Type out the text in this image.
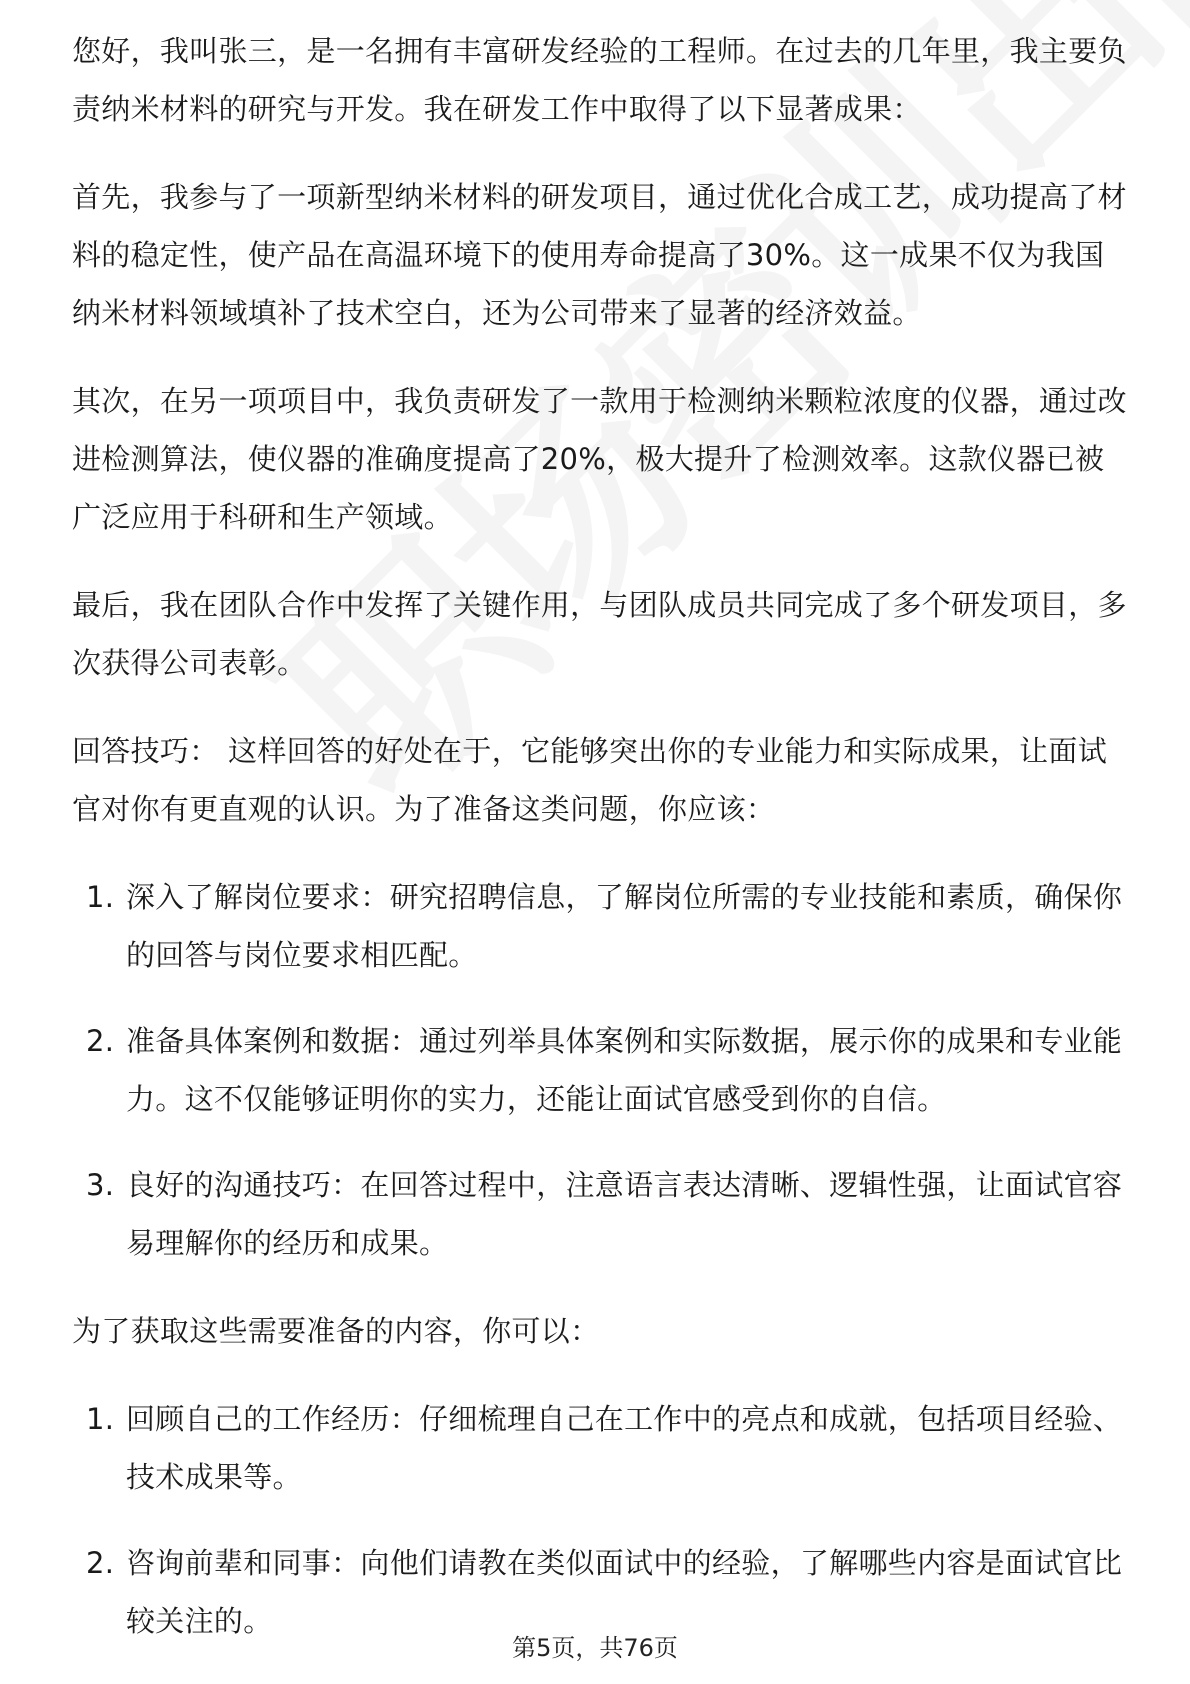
您好，我叫张三，是一名拥有丰富研发经验的工程师。在过去的几年里，我主要负责纳米材料的研究与开发。我在研发工作中取得了以下显著成果：

首先，我参与了一项新型纳米材料的研发项目，通过优化合成工艺，成功提高了材料的稳定性，使产品在高温环境下的使用寿命提高了30%。这一成果不仅为我国纳米材料领域填补了技术空白，还为公司带来了显著的经济效益。

其次，在另一项项目中，我负责研发了一款用于检测纳米颗粒浓度的仪器，通过改进检测算法，使仪器的准确度提高了20%，极大提升了检测效率。这款仪器已被广泛应用于科研和生产领域。

最后，我在团队合作中发挥了关键作用，与团队成员共同完成了多个研发项目，多次获得公司表彰。

回答技巧： 这样回答的好处在于，它能够突出你的专业能力和实际成果，让面试官对你有更直观的认识。为了准备这类问题，你应该：

1. 深入了解岗位要求：研究招聘信息，了解岗位所需的专业技能和素质，确保你的回答与岗位要求相匹配。
2. 准备具体案例和数据：通过列举具体案例和实际数据，展示你的成果和专业能力。这不仅能够证明你的实力，还能让面试官感受到你的自信。
3. 良好的沟通技巧：在回答过程中，注意语言表达清晰、逻辑性强，让面试官容易理解你的经历和成果。

为了获取这些需要准备的内容，你可以：

1. 回顾自己的工作经历：仔细梳理自己在工作中的亮点和成就，包括项目经验、技术成果等。
2. 咨询前辈和同事：向他们请教在类似面试中的经验，了解哪些内容是面试官比较关注的。
第5页，共76页
